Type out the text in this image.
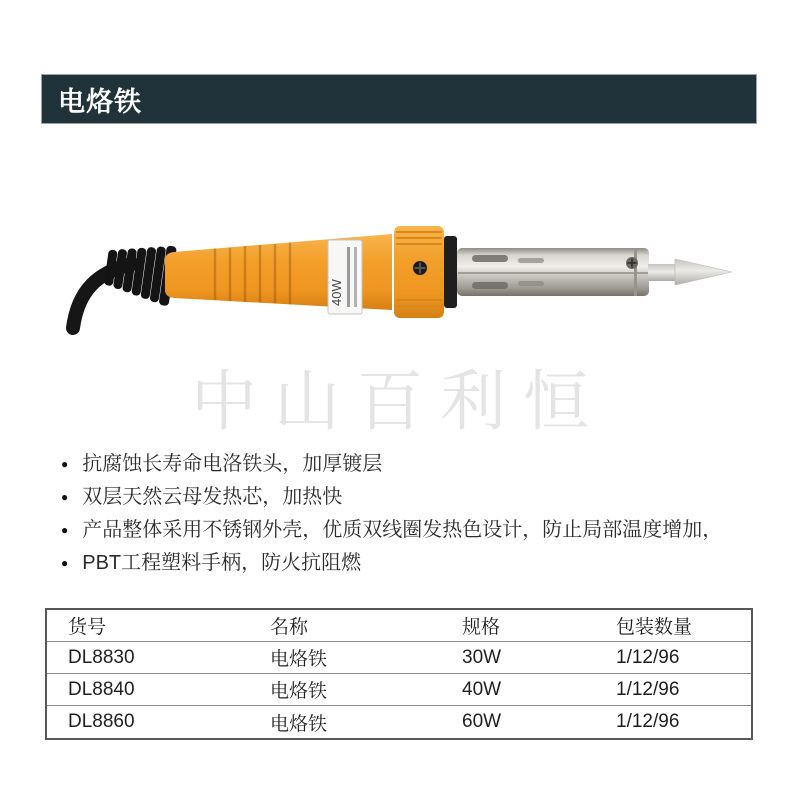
电烙铁
40W
中山百利恒
● 抗腐蚀长寿命电洛铁头，加厚镀层
● 双层天然云母发热芯，加热快
● 产品整体采用不锈钢外壳，优质双线圈发热色设计，防止局部温度增加，
● PBT工程塑料手柄，防火抗阻燃
货号	名称	规格	包装数量
DL8830	电烙铁	30W	1/12/96
DL8840	电烙铁	40W	1/12/96
DL8860	电烙铁	60W	1/12/96
